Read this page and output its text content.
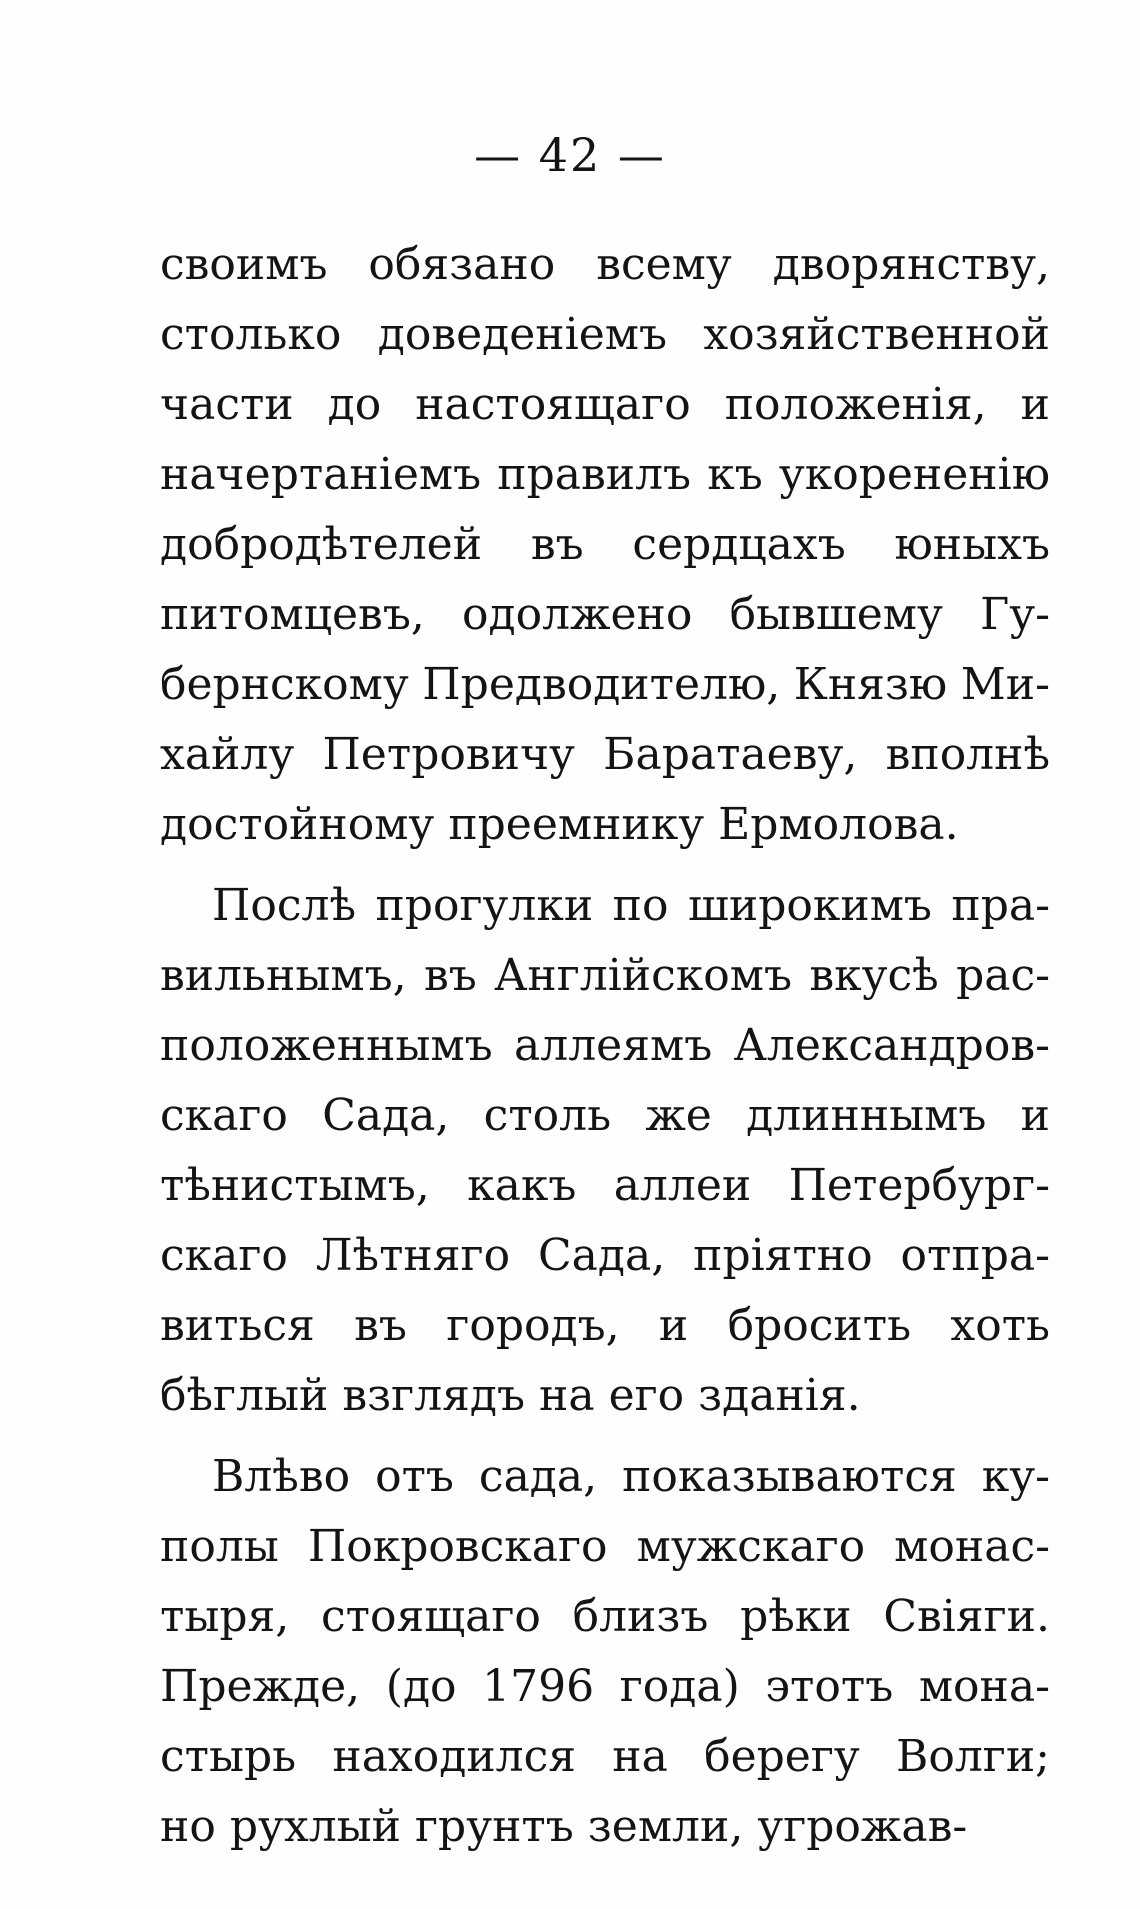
— 42 —
своимъ обязано всему дворянству,
столько доведеніемъ хозяйственной
части до настоящаго положенія, и
начертаніемъ правилъ къ укорененію
добродѣтелей въ сердцахъ юныхъ
питомцевъ, одолжено бывшему Гу-
бернскому Предводителю, Князю Ми-
хайлу Петровичу Баратаеву, вполнѣ
достойному преемнику Ермолова.
Послѣ прогулки по широкимъ пра-
вильнымъ, въ Англійскомъ вкусѣ рас-
положеннымъ аллеямъ Александров-
скаго Сада, столь же длиннымъ и
тѣнистымъ, какъ аллеи Петербург-
скаго Лѣтняго Сада, пріятно отпра-
виться въ городъ, и бросить хоть
бѣглый взглядъ на его зданія.
Влѣво отъ сада, показываются ку-
полы Покровскаго мужскаго монас-
тыря, стоящаго близъ рѣки Свіяги.
Прежде, (до 1796 года) этотъ мона-
стырь находился на берегу Волги;
но рухлый грунтъ земли, угрожав-
